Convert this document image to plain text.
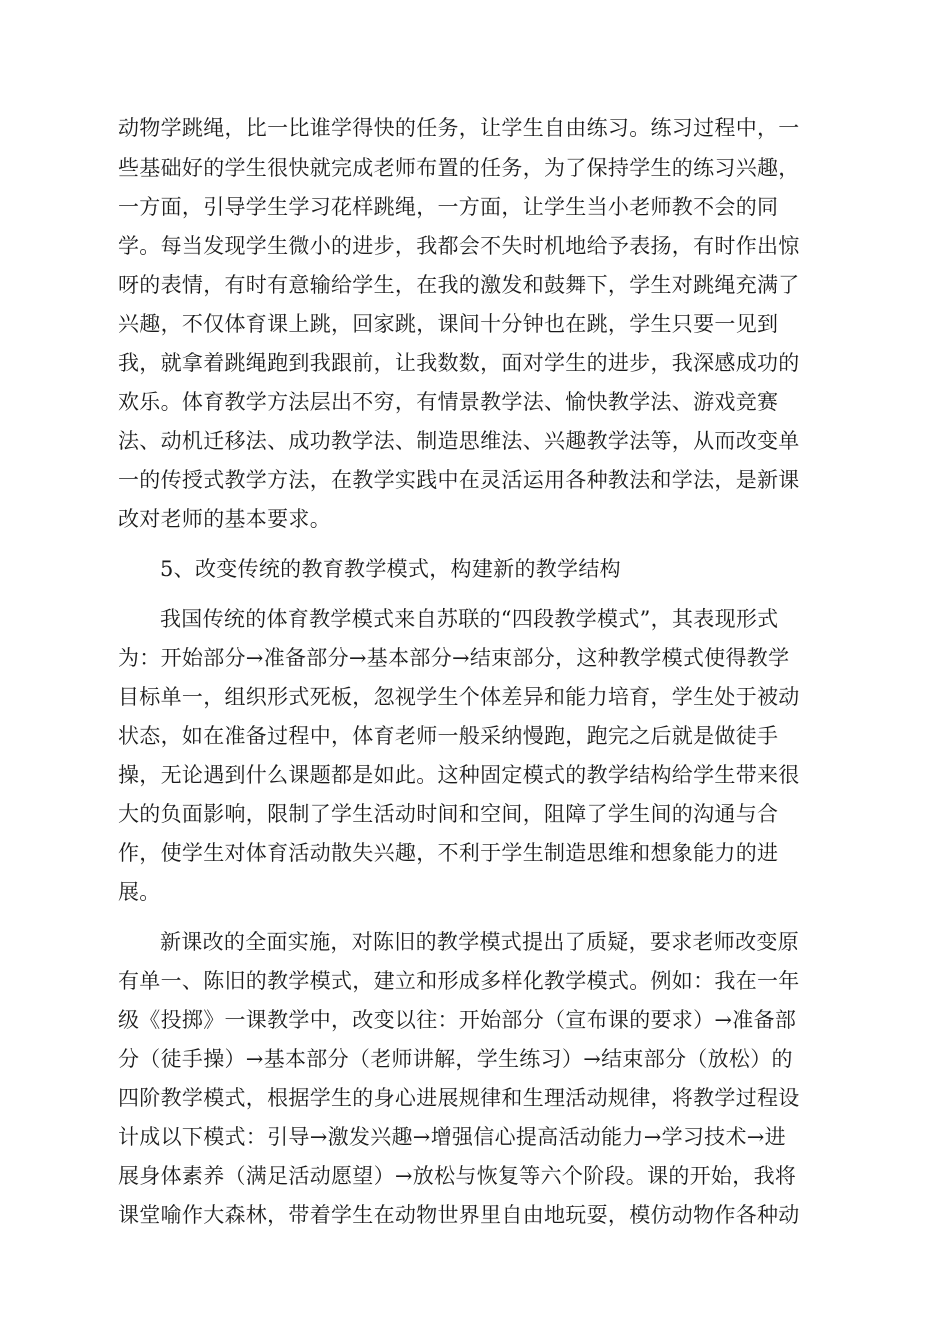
动物学跳绳，比一比谁学得快的任务，让学生自由练习。练习过程中，一
些基础好的学生很快就完成老师布置的任务，为了保持学生的练习兴趣，
一方面，引导学生学习花样跳绳，一方面，让学生当小老师教不会的同
学。每当发现学生微小的进步，我都会不失时机地给予表扬，有时作出惊
呀的表情，有时有意输给学生，在我的激发和鼓舞下，学生对跳绳充满了
兴趣，不仅体育课上跳，回家跳，课间十分钟也在跳，学生只要一见到
我，就拿着跳绳跑到我跟前，让我数数，面对学生的进步，我深感成功的
欢乐。体育教学方法层出不穷，有情景教学法、愉快教学法、游戏竞赛
法、动机迁移法、成功教学法、制造思维法、兴趣教学法等，从而改变单
一的传授式教学方法，在教学实践中在灵活运用各种教法和学法，是新课
改对老师的基本要求。
5、改变传统的教育教学模式，构建新的教学结构
我国传统的体育教学模式来自苏联的“四段教学模式”，其表现形式
为：开始部分→准备部分→基本部分→结束部分，这种教学模式使得教学
目标单一，组织形式死板，忽视学生个体差异和能力培育，学生处于被动
状态，如在准备过程中，体育老师一般采纳慢跑，跑完之后就是做徒手
操，无论遇到什么课题都是如此。这种固定模式的教学结构给学生带来很
大的负面影响，限制了学生活动时间和空间，阻障了学生间的沟通与合
作，使学生对体育活动散失兴趣，不利于学生制造思维和想象能力的进
展。
新课改的全面实施，对陈旧的教学模式提出了质疑，要求老师改变原
有单一、陈旧的教学模式，建立和形成多样化教学模式。例如：我在一年
级《投掷》一课教学中，改变以往：开始部分（宣布课的要求）→准备部
分（徒手操）→基本部分（老师讲解，学生练习）→结束部分（放松）的
四阶教学模式，根据学生的身心进展规律和生理活动规律，将教学过程设
计成以下模式：引导→激发兴趣→增强信心提高活动能力→学习技术→进
展身体素养（满足活动愿望）→放松与恢复等六个阶段。课的开始，我将
课堂喻作大森林，带着学生在动物世界里自由地玩耍，模仿动物作各种动
